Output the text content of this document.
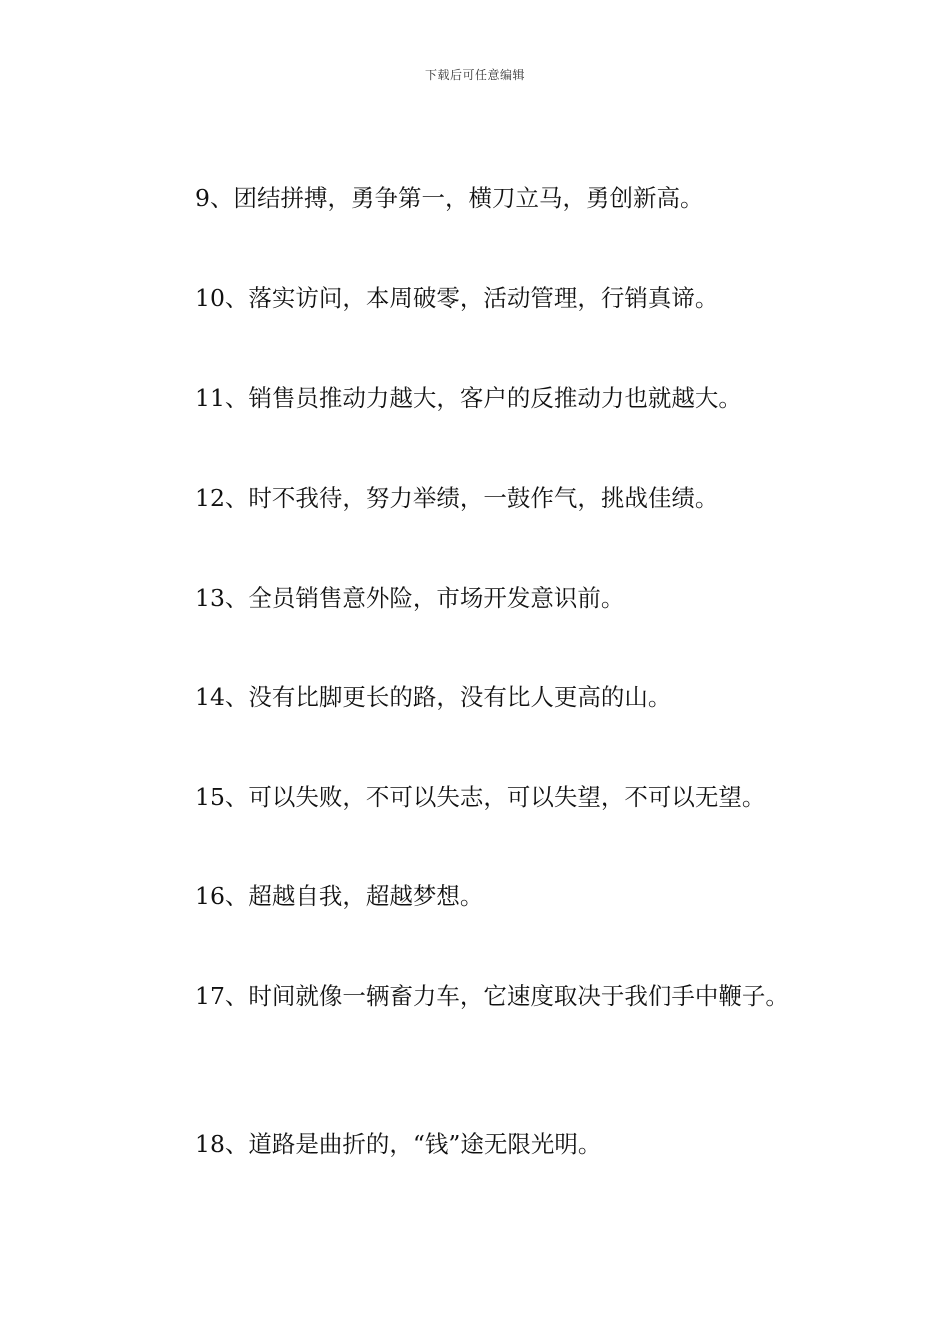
下载后可任意编辑

9、团结拼搏，勇争第一，横刀立马，勇创新高。

10、落实访问，本周破零，活动管理，行销真谛。

11、销售员推动力越大，客户的反推动力也就越大。

12、时不我待，努力举绩，一鼓作气，挑战佳绩。

13、全员销售意外险，市场开发意识前。

14、没有比脚更长的路，没有比人更高的山。

15、可以失败，不可以失志，可以失望，不可以无望。

16、超越自我，超越梦想。

17、时间就像一辆畜力车，它速度取决于我们手中鞭子。

18、道路是曲折的，“钱”途无限光明。
